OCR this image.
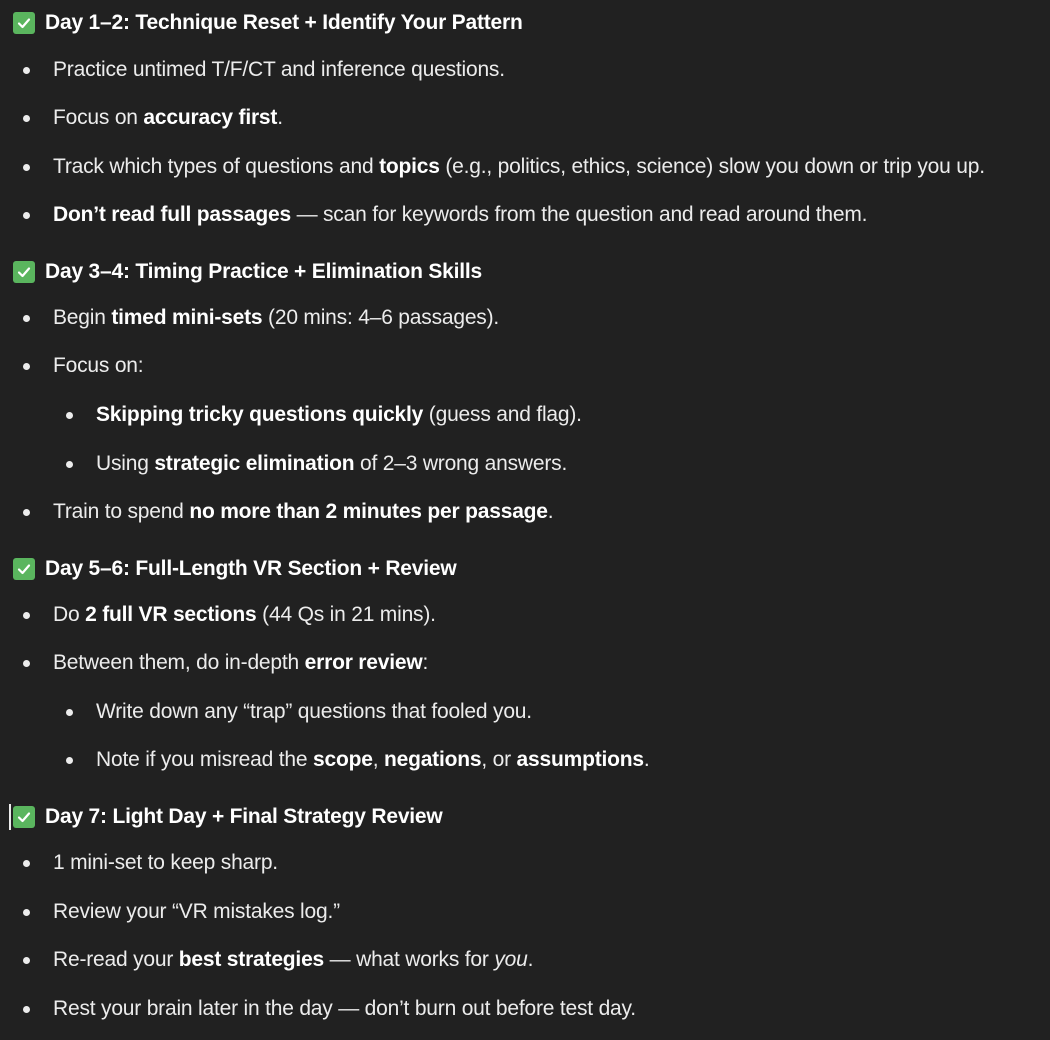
Day 1–2: Technique Reset + Identify Your Pattern
Practice untimed T/F/CT and inference questions.
Focus on accuracy first.
Track which types of questions and topics (e.g., politics, ethics, science) slow you down or trip you up.
Don’t read full passages — scan for keywords from the question and read around them.
Day 3–4: Timing Practice + Elimination Skills
Begin timed mini-sets (20 mins: 4–6 passages).
Focus on:
Skipping tricky questions quickly (guess and flag).
Using strategic elimination of 2–3 wrong answers.
Train to spend no more than 2 minutes per passage.
Day 5–6: Full-Length VR Section + Review
Do 2 full VR sections (44 Qs in 21 mins).
Between them, do in-depth error review:
Write down any “trap” questions that fooled you.
Note if you misread the scope, negations, or assumptions.
Day 7: Light Day + Final Strategy Review
1 mini-set to keep sharp.
Review your “VR mistakes log.”
Re-read your best strategies — what works for you.
Rest your brain later in the day — don’t burn out before test day.
